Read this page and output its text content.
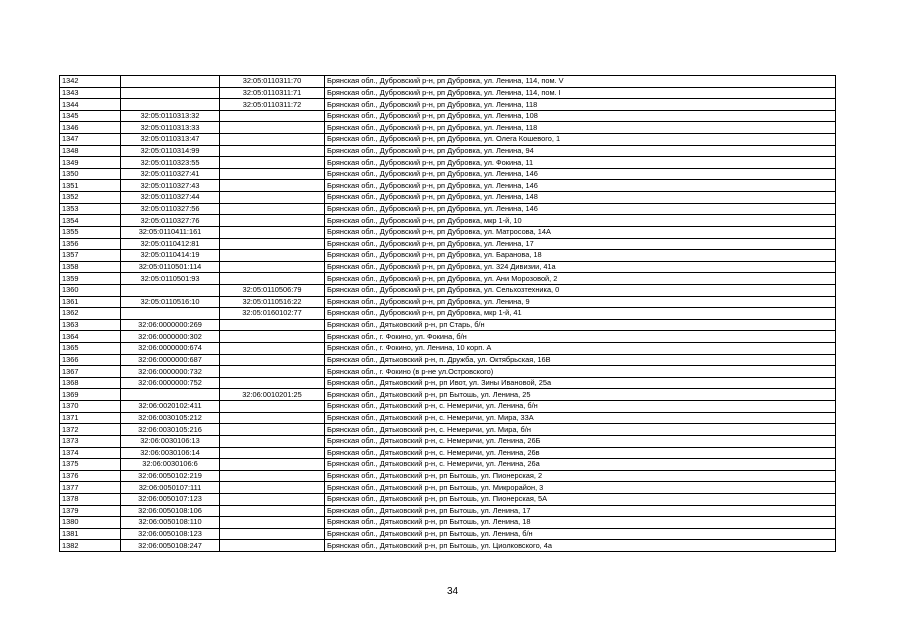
1342		32:05:0110311:70	Брянская обл., Дубровский р-н, рп Дубровка, ул. Ленина, 114, пом. V
1343		32:05:0110311:71	Брянская обл., Дубровский р-н, рп Дубровка, ул. Ленина, 114, пом. I
1344		32:05:0110311:72	Брянская обл., Дубровский р-н, рп Дубровка, ул. Ленина, 118
1345	32:05:0110313:32		Брянская обл., Дубровский р-н, рп Дубровка, ул. Ленина, 108
1346	32:05:0110313:33		Брянская обл., Дубровский р-н, рп Дубровка, ул. Ленина, 118
1347	32:05:0110313:47		Брянская обл., Дубровский р-н, рп Дубровка, ул. Олега Кошевого, 1
1348	32:05:0110314:99		Брянская обл., Дубровский р-н, рп Дубровка, ул. Ленина, 94
1349	32:05:0110323:55		Брянская обл., Дубровский р-н, рп Дубровка, ул. Фокина, 11
1350	32:05:0110327:41		Брянская обл., Дубровский р-н, рп Дубровка, ул. Ленина, 146
1351	32:05:0110327:43		Брянская обл., Дубровский р-н, рп Дубровка, ул. Ленина, 146
1352	32:05:0110327:44		Брянская обл., Дубровский р-н, рп Дубровка, ул. Ленина, 148
1353	32:05:0110327:56		Брянская обл., Дубровский р-н, рп Дубровка, ул. Ленина, 146
1354	32:05:0110327:76		Брянская обл., Дубровский р-н, рп Дубровка, мкр 1-й, 10
1355	32:05:0110411:161		Брянская обл., Дубровский р-н, рп Дубровка, ул. Матросова, 14А
1356	32:05:0110412:81		Брянская обл., Дубровский р-н, рп Дубровка, ул. Ленина, 17
1357	32:05:0110414:19		Брянская обл., Дубровский р-н, рп Дубровка, ул. Баранова, 18
1358	32:05:0110501:114		Брянская обл., Дубровский р-н, рп Дубровка, ул. 324 Дивизии, 41а
1359	32:05:0110501:93		Брянская обл., Дубровский р-н, рп Дубровка, ул. Ани Морозовой, 2
1360		32:05:0110506:79	Брянская обл., Дубровский р-н, рп Дубровка, ул. Сельхозтехника, 0
1361	32:05:0110516:10	32:05:0110516:22	Брянская обл., Дубровский р-н, рп Дубровка, ул. Ленина, 9
1362		32:05:0160102:77	Брянская обл., Дубровский р-н, рп Дубровка, мкр 1-й, 41
1363	32:06:0000000:269		Брянская обл., Дятьковский р-н, рп Старь, б/н
1364	32:06:0000000:302		Брянская обл., г. Фокино, ул. Фокина, б/н
1365	32:06:0000000:674		Брянская обл., г. Фокино, ул. Ленина, 10 корп. А
1366	32:06:0000000:687		Брянская обл., Дятьковский р-н, п. Дружба, ул. Октябрьская, 16В
1367	32:06:0000000:732		Брянская обл., г. Фокино (в р-не ул.Островского)
1368	32:06:0000000:752		Брянская обл., Дятьковский р-н, рп Ивот, ул. Зины Ивановой, 25а
1369		32:06:0010201:25	Брянская обл., Дятьковский р-н, рп Бытошь, ул. Ленина, 25
1370	32:06:0020102:411		Брянская обл., Дятьковский р-н, с. Немеричи, ул. Ленина, б/н
1371	32:06:0030105:212		Брянская обл., Дятьковский р-н, с. Немеричи, ул. Мира, 33А
1372	32:06:0030105:216		Брянская обл., Дятьковский р-н, с. Немеричи, ул. Мира, б/н
1373	32:06:0030106:13		Брянская обл., Дятьковский р-н, с. Немеричи, ул. Ленина, 26Б
1374	32:06:0030106:14		Брянская обл., Дятьковский р-н, с. Немеричи, ул. Ленина, 26в
1375	32:06:0030106:6		Брянская обл., Дятьковский р-н, с. Немеричи, ул. Ленина, 26а
1376	32:06:0050102:219		Брянская обл., Дятьковский р-н, рп Бытошь, ул. Пионерская, 2
1377	32:06:0050107:111		Брянская обл., Дятьковский р-н, рп Бытошь, ул. Микрорайон, 3
1378	32:06:0050107:123		Брянская обл., Дятьковский р-н, рп Бытошь, ул. Пионерская, 5А
1379	32:06:0050108:106		Брянская обл., Дятьковский р-н, рп Бытошь, ул. Ленина, 17
1380	32:06:0050108:110		Брянская обл., Дятьковский р-н, рп Бытошь, ул. Ленина, 18
1381	32:06:0050108:123		Брянская обл., Дятьковский р-н, рп Бытошь, ул. Ленина, б/н
1382	32:06:0050108:247		Брянская обл., Дятьковский р-н, рп Бытошь, ул. Циолковского, 4а
34
